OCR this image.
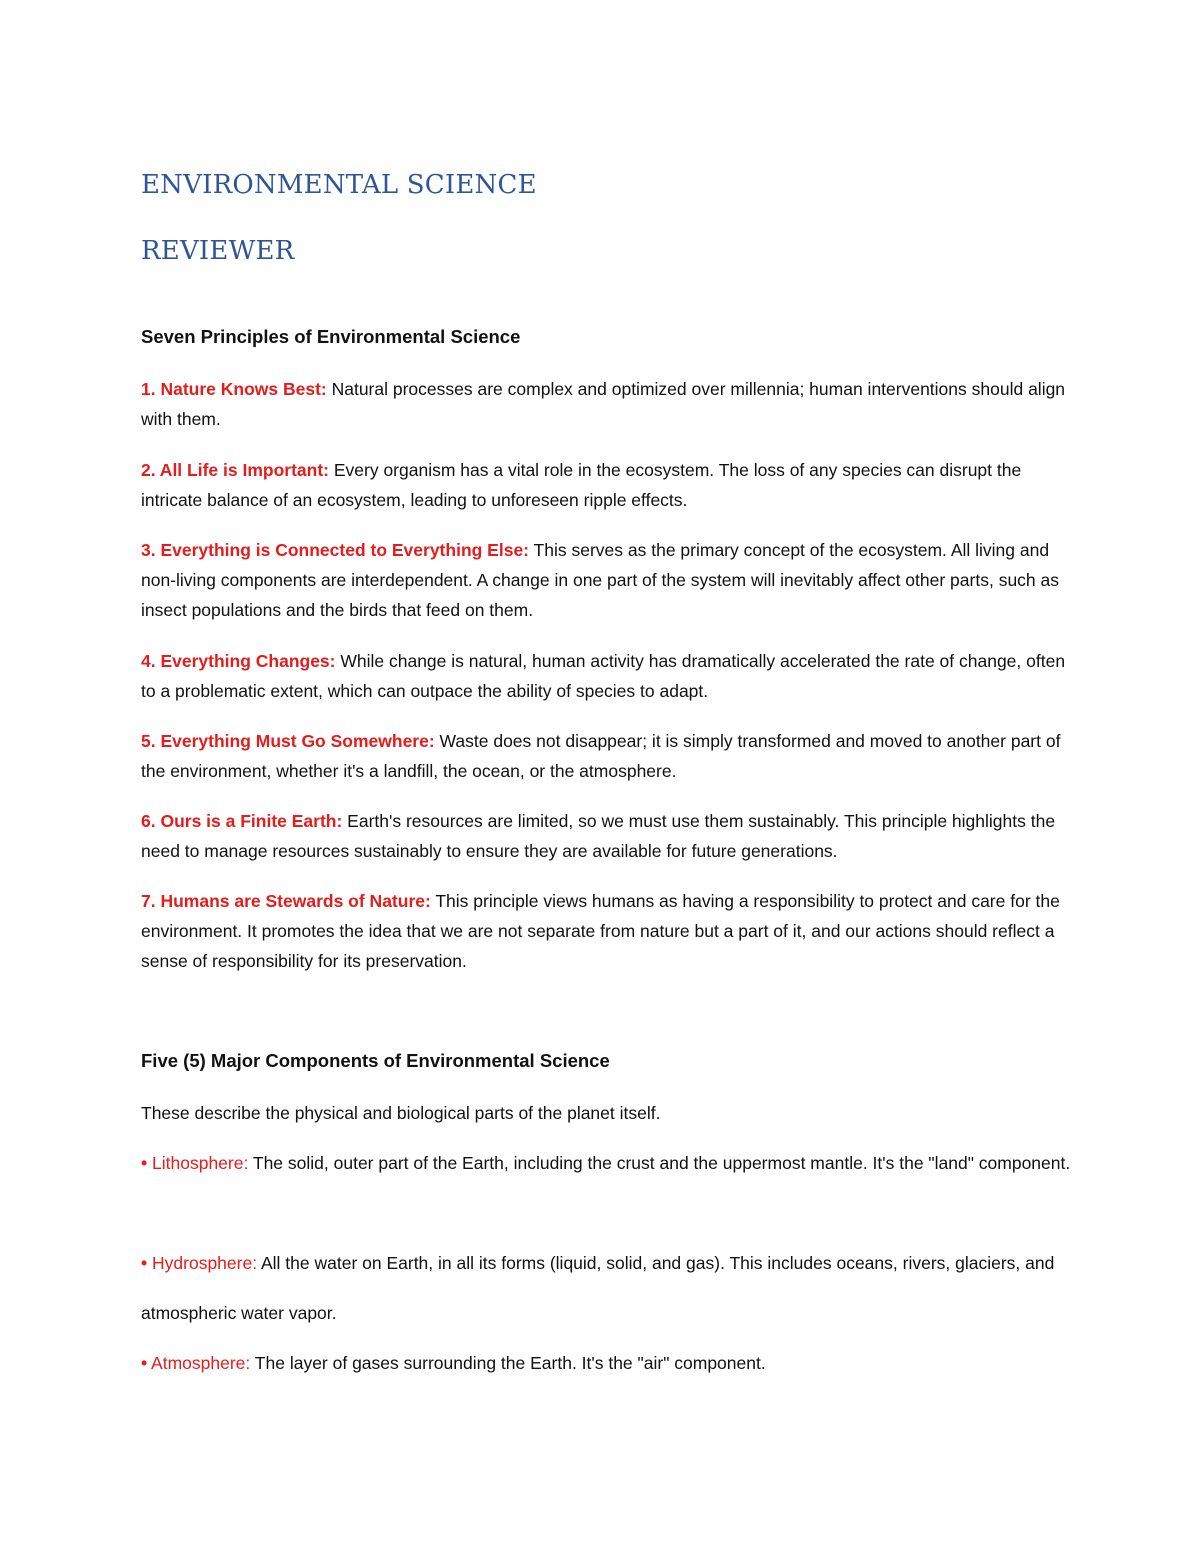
ENVIRONMENTAL SCIENCE
REVIEWER
Seven Principles of Environmental Science

1. Nature Knows Best: Natural processes are complex and optimized over millennia; human interventions should align with them.

2. All Life is Important: Every organism has a vital role in the ecosystem. The loss of any species can disrupt the intricate balance of an ecosystem, leading to unforeseen ripple effects.

3. Everything is Connected to Everything Else: This serves as the primary concept of the ecosystem. All living and non-living components are interdependent. A change in one part of the system will inevitably affect other parts, such as insect populations and the birds that feed on them.

4. Everything Changes: While change is natural, human activity has dramatically accelerated the rate of change, often to a problematic extent, which can outpace the ability of species to adapt.

5. Everything Must Go Somewhere: Waste does not disappear; it is simply transformed and moved to another part of the environment, whether it's a landfill, the ocean, or the atmosphere.

6. Ours is a Finite Earth: Earth's resources are limited, so we must use them sustainably. This principle highlights the need to manage resources sustainably to ensure they are available for future generations.

7. Humans are Stewards of Nature: This principle views humans as having a responsibility to protect and care for the environment. It promotes the idea that we are not separate from nature but a part of it, and our actions should reflect a sense of responsibility for its preservation.

Five (5) Major Components of Environmental Science

These describe the physical and biological parts of the planet itself.

• Lithosphere: The solid, outer part of the Earth, including the crust and the uppermost mantle. It's the "land" component.

• Hydrosphere: All the water on Earth, in all its forms (liquid, solid, and gas). This includes oceans, rivers, glaciers, and atmospheric water vapor.

• Atmosphere: The layer of gases surrounding the Earth. It's the "air" component.
